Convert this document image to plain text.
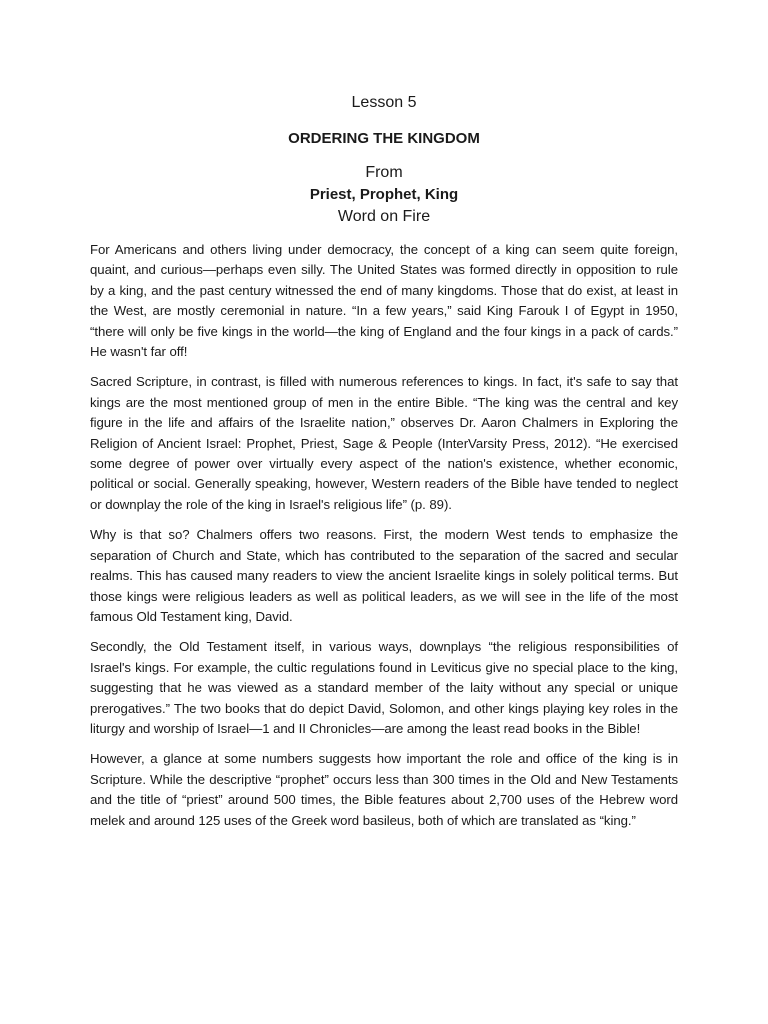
Lesson 5

ORDERING THE KINGDOM

From

Priest, Prophet, King

Word on Fire

For Americans and others living under democracy, the concept of a king can seem quite foreign, quaint, and curious—perhaps even silly. The United States was formed directly in opposition to rule by a king, and the past century witnessed the end of many kingdoms. Those that do exist, at least in the West, are mostly ceremonial in nature. “In a few years,” said King Farouk I of Egypt in 1950, “there will only be five kings in the world—the king of England and the four kings in a pack of cards.” He wasn't far off!

Sacred Scripture, in contrast, is filled with numerous references to kings. In fact, it's safe to say that kings are the most mentioned group of men in the entire Bible. “The king was the central and key figure in the life and affairs of the Israelite nation,” observes Dr. Aaron Chalmers in Exploring the Religion of Ancient Israel: Prophet, Priest, Sage & People (InterVarsity Press, 2012). “He exercised some degree of power over virtually every aspect of the nation's existence, whether economic, political or social. Generally speaking, however, Western readers of the Bible have tended to neglect or downplay the role of the king in Israel's religious life” (p. 89).

Why is that so? Chalmers offers two reasons. First, the modern West tends to emphasize the separation of Church and State, which has contributed to the separation of the sacred and secular realms. This has caused many readers to view the ancient Israelite kings in solely political terms. But those kings were religious leaders as well as political leaders, as we will see in the life of the most famous Old Testament king, David.

Secondly, the Old Testament itself, in various ways, downplays “the religious responsibilities of Israel's kings. For example, the cultic regulations found in Leviticus give no special place to the king, suggesting that he was viewed as a standard member of the laity without any special or unique prerogatives.” The two books that do depict David, Solomon, and other kings playing key roles in the liturgy and worship of Israel—1 and II Chronicles—are among the least read books in the Bible!

However, a glance at some numbers suggests how important the role and office of the king is in Scripture. While the descriptive “prophet” occurs less than 300 times in the Old and New Testaments and the title of “priest” around 500 times, the Bible features about 2,700 uses of the Hebrew word melek and around 125 uses of the Greek word basileus, both of which are translated as “king.”
